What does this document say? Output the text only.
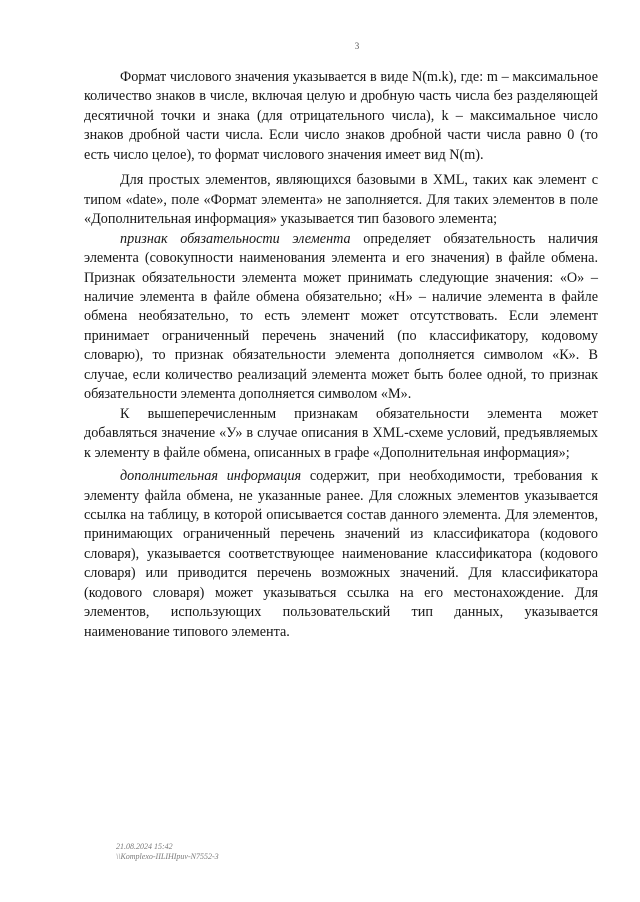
3

Формат числового значения указывается в виде N(m.k), где: m – максимальное количество знаков в числе, включая целую и дробную часть числа без разделяющей десятичной точки и знака (для отрицательного числа), k – максимальное число знаков дробной части числа. Если число знаков дробной части числа равно 0 (то есть число целое), то формат числового значения имеет вид N(m).

Для простых элементов, являющихся базовыми в XML, таких как элемент с типом «date», поле «Формат элемента» не заполняется. Для таких элементов в поле «Дополнительная информация» указывается тип базового элемента;

признак обязательности элемента определяет обязательность наличия элемента (совокупности наименования элемента и его значения) в файле обмена. Признак обязательности элемента может принимать следующие значения: «О» – наличие элемента в файле обмена обязательно; «Н» – наличие элемента в файле обмена необязательно, то есть элемент может отсутствовать. Если элемент принимает ограниченный перечень значений (по классификатору, кодовому словарю), то признак обязательности элемента дополняется символом «К». В случае, если количество реализаций элемента может быть более одной, то признак обязательности элемента дополняется символом «М».

К вышеперечисленным признакам обязательности элемента может добавляться значение «У» в случае описания в XML-схеме условий, предъявляемых к элементу в файле обмена, описанных в графе «Дополнительная информация»;

дополнительная информация содержит, при необходимости, требования к элементу файла обмена, не указанные ранее. Для сложных элементов указывается ссылка на таблицу, в которой описывается состав данного элемента. Для элементов, принимающих ограниченный перечень значений из классификатора (кодового словаря), указывается соответствующее наименование классификатора (кодового словаря) или приводится перечень возможных значений. Для классификатора (кодового словаря) может указываться ссылка на его местонахождение. Для элементов, использующих пользовательский тип данных, указывается наименование типового элемента.

21.08.2024 15:42
\\Komplexo-IILIHIpuv-N7552-3
